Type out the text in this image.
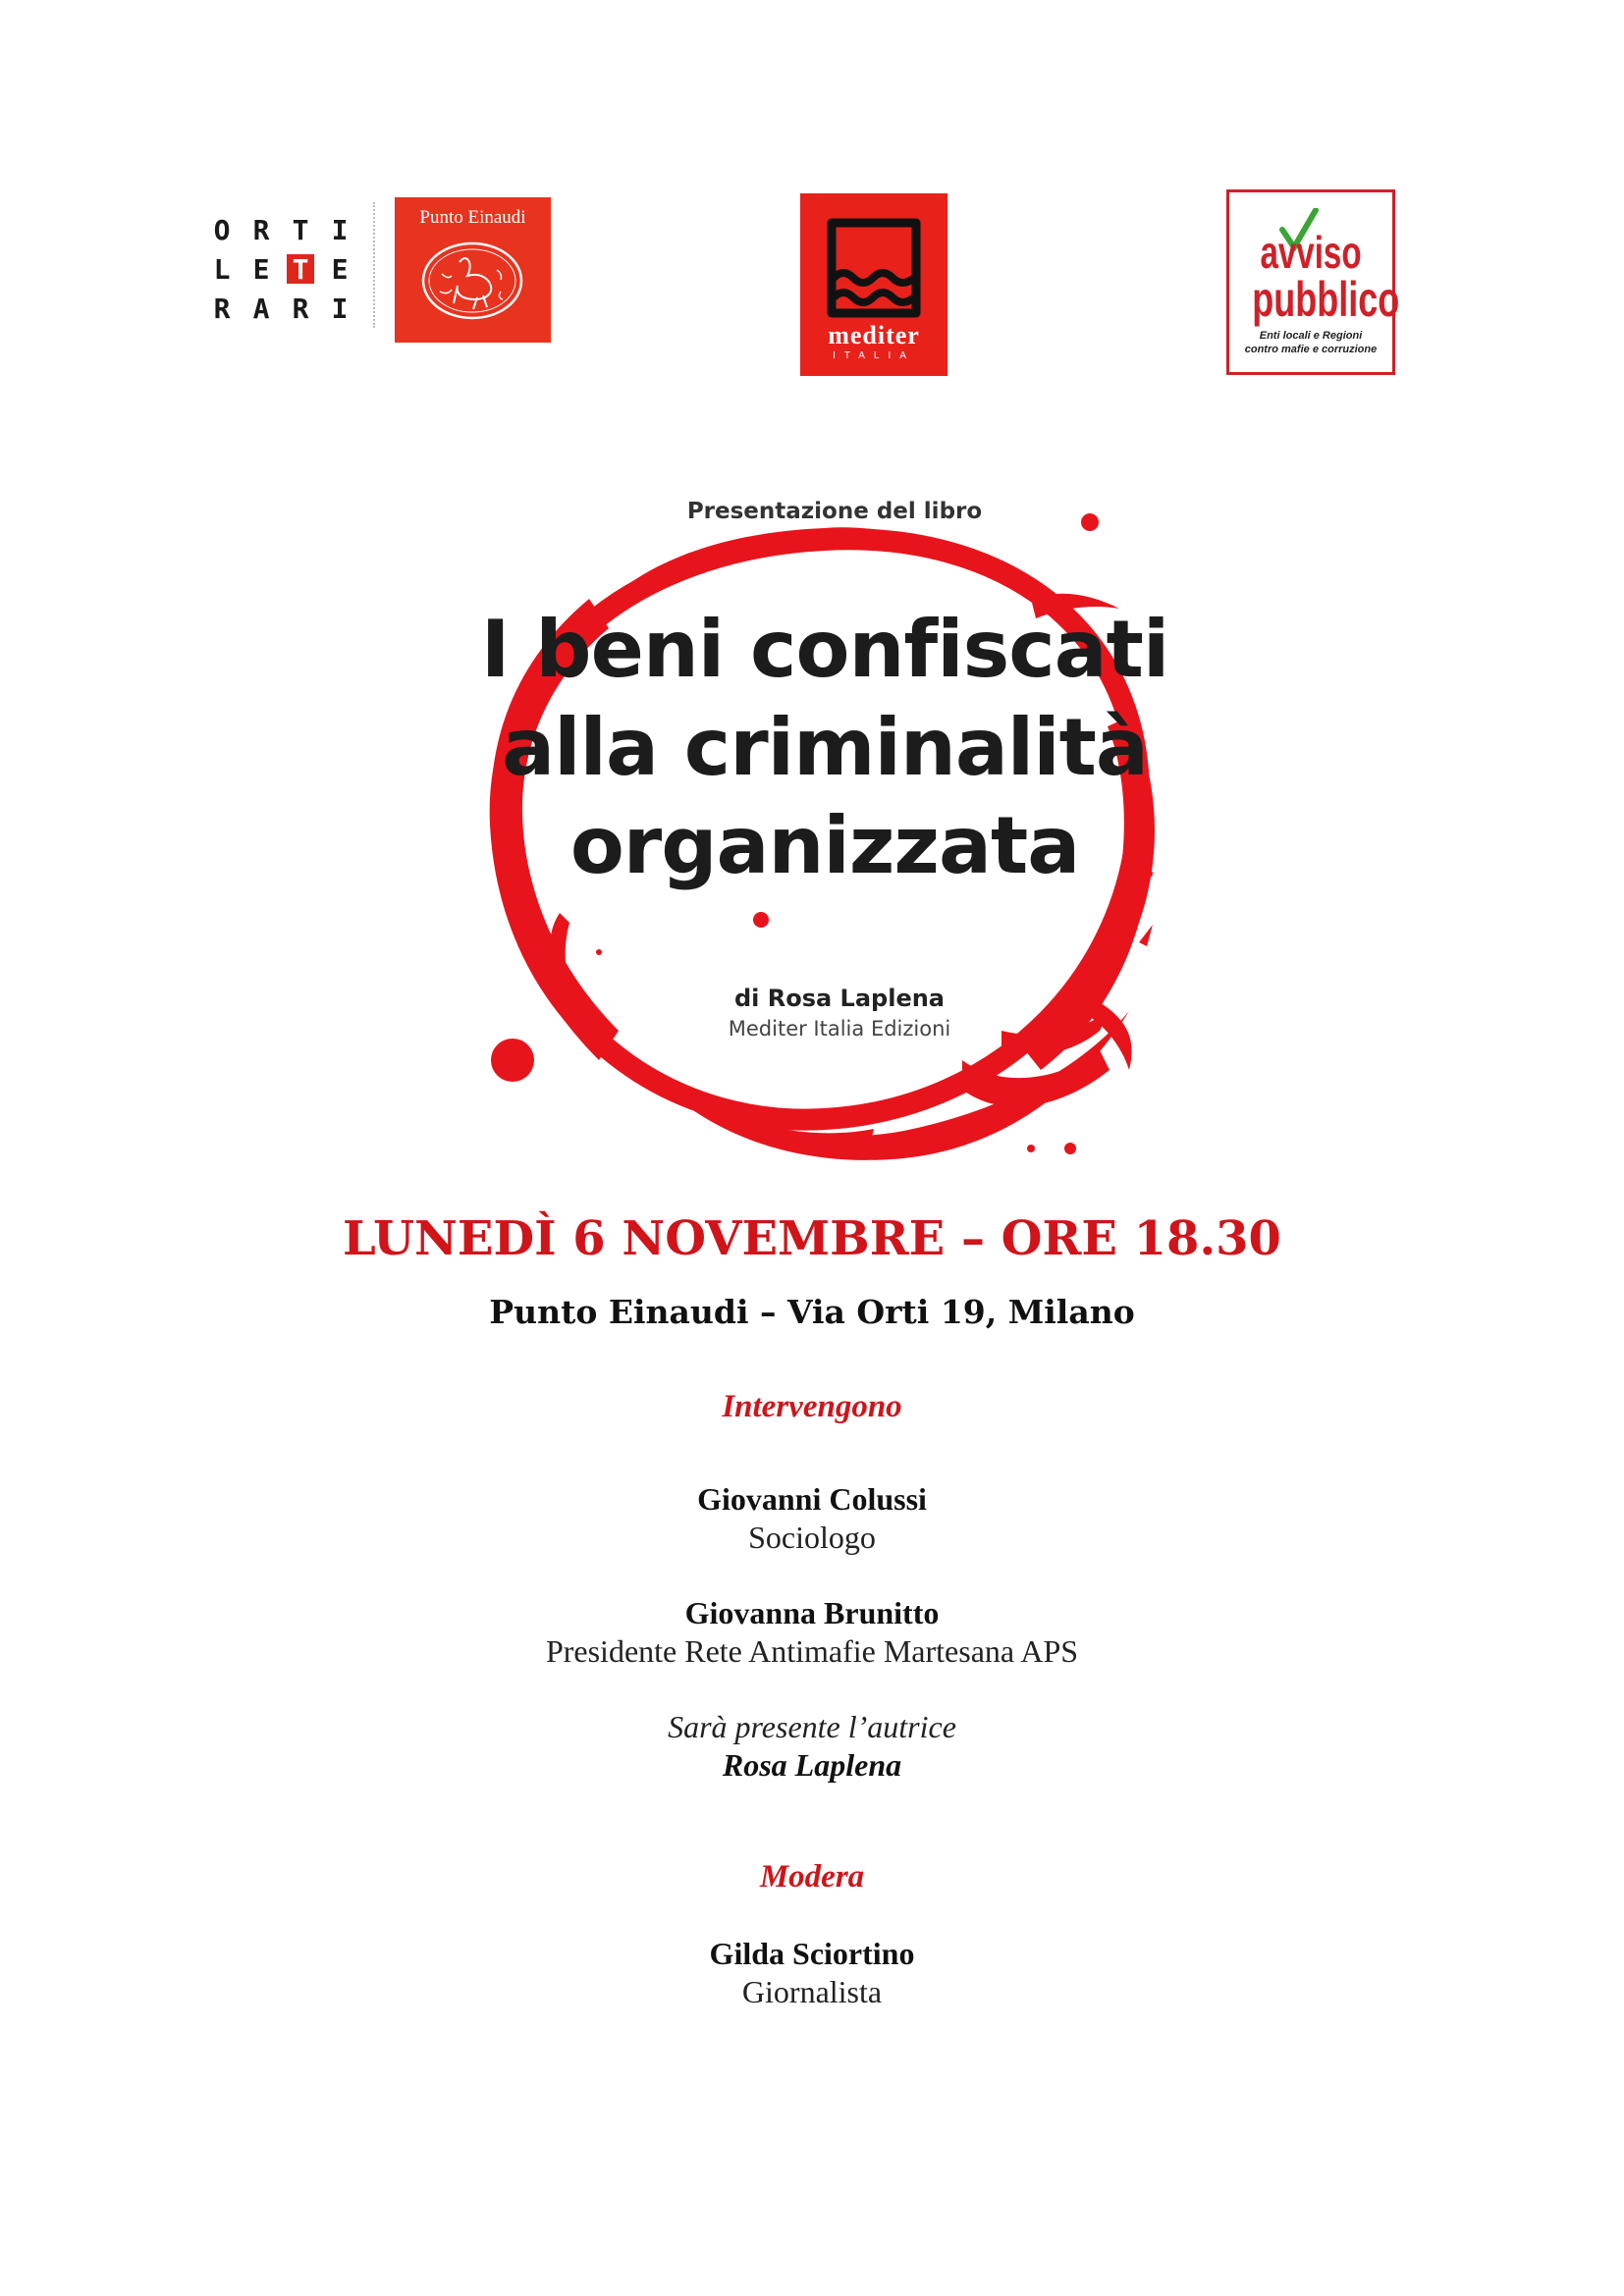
O R T I
L E T E
R A R I
Punto Einaudi
mediter
ITALIA
avviso
pubblico
Enti locali e Regioni
contro mafie e corruzione
Presentazione del libro
I beni confiscati
alla criminalità
organizzata
di Rosa Laplena
Mediter Italia Edizioni
LUNEDÌ 6 NOVEMBRE – ORE 18.30
Punto Einaudi – Via Orti 19, Milano
Intervengono
Giovanni Colussi
Sociologo
Giovanna Brunitto
Presidente Rete Antimafie Martesana APS
Sarà presente l’autrice
Rosa Laplena
Modera
Gilda Sciortino
Giornalista
